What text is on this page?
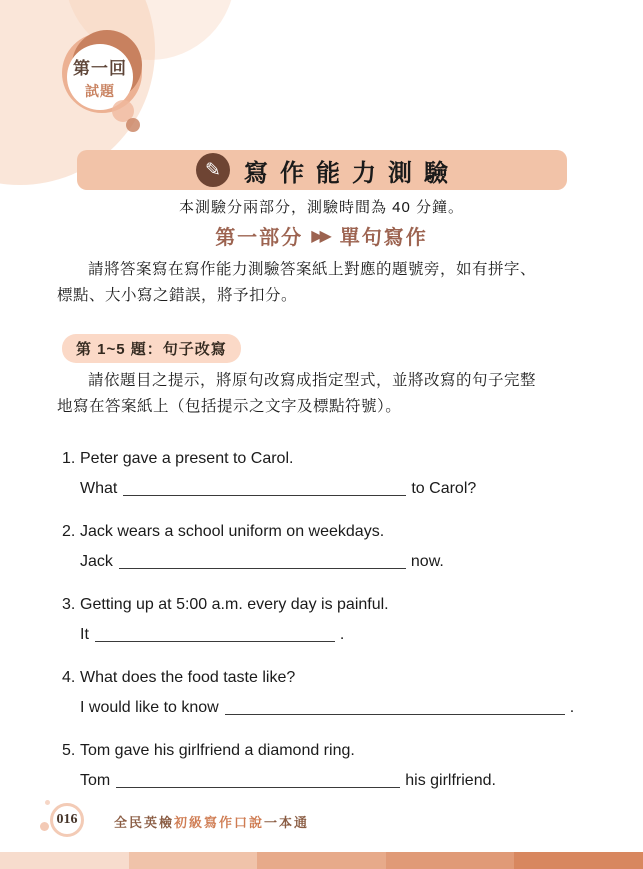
第一回
試題
✎ 寫作能力測驗
本測驗分兩部分，測驗時間為 40 分鐘。
第一部分 ▶▶ 單句寫作
請將答案寫在寫作能力測驗答案紙上對應的題號旁，如有拼字、
標點、大小寫之錯誤，將予扣分。
第 1~5 題：句子改寫
請依題目之提示，將原句改寫成指定型式，並將改寫的句子完整
地寫在答案紙上（包括提示之文字及標點符號）。
1. Peter gave a present to Carol.
What	to Carol?
2. Jack wears a school uniform on weekdays.
Jack	now.
3. Getting up at 5:00 a.m. every day is painful.
It	.
4. What does the food taste like?
I would like to know	.
5. Tom gave his girlfriend a diamond ring.
Tom	his girlfriend.
016	全民英檢初級寫作口說一本通
